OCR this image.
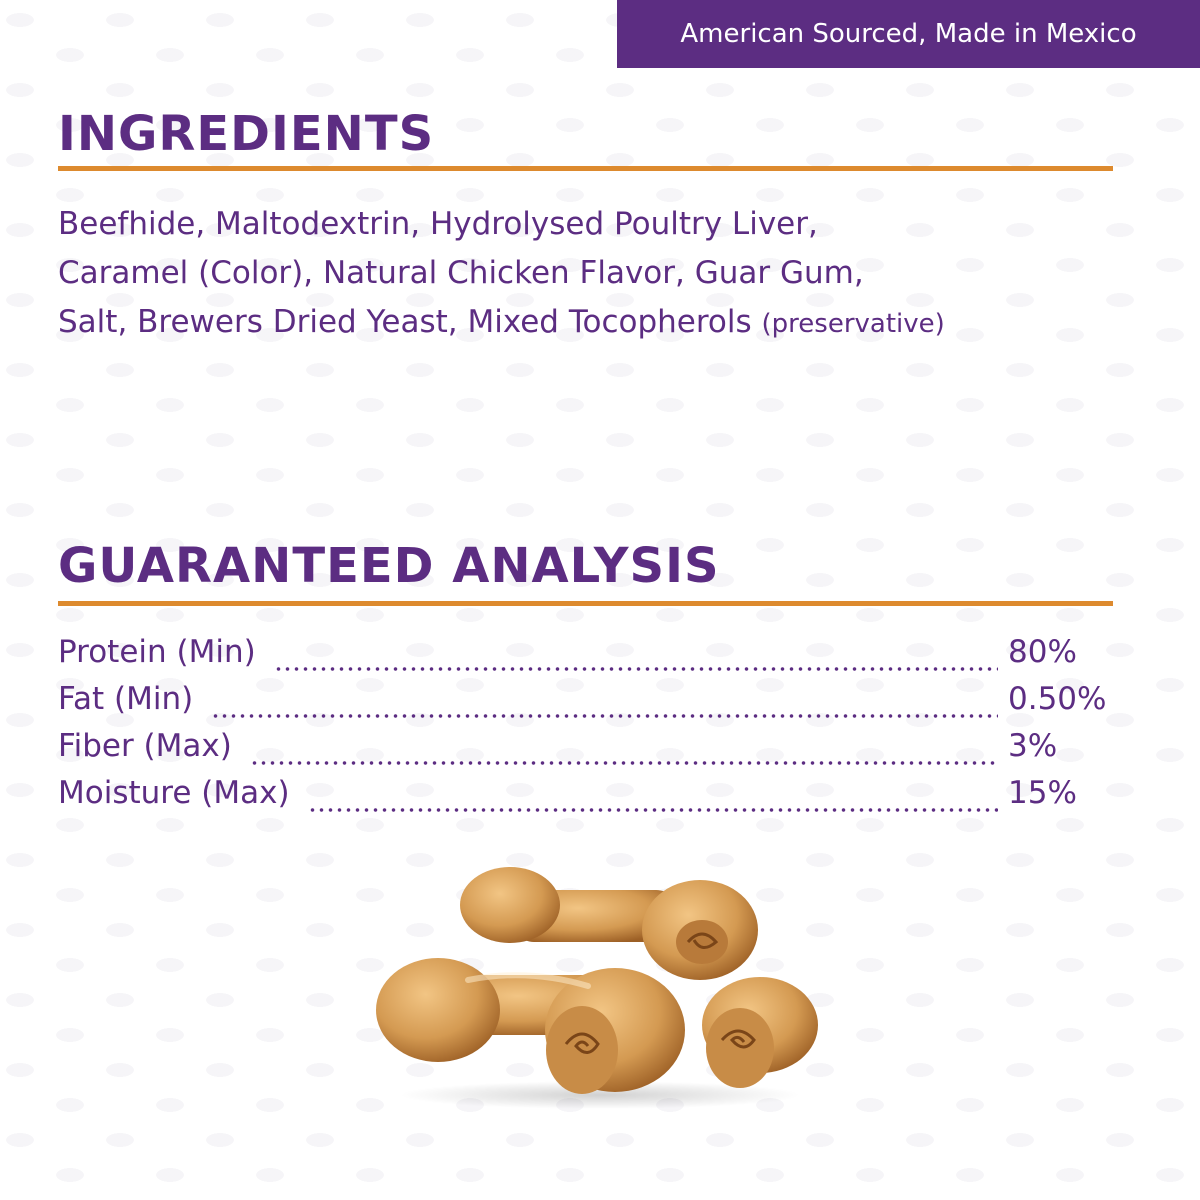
American Sourced, Made in Mexico
INGREDIENTS

Beefhide, Maltodextrin, Hydrolysed Poultry Liver,
Caramel (Color), Natural Chicken Flavor, Guar Gum,
Salt, Brewers Dried Yeast, Mixed Tocopherols (preservative)

GUARANTEED ANALYSIS
Protein (Min)	80%
Fat (Min)	0.50%
Fiber (Max)	3%
Moisture (Max)	15%
